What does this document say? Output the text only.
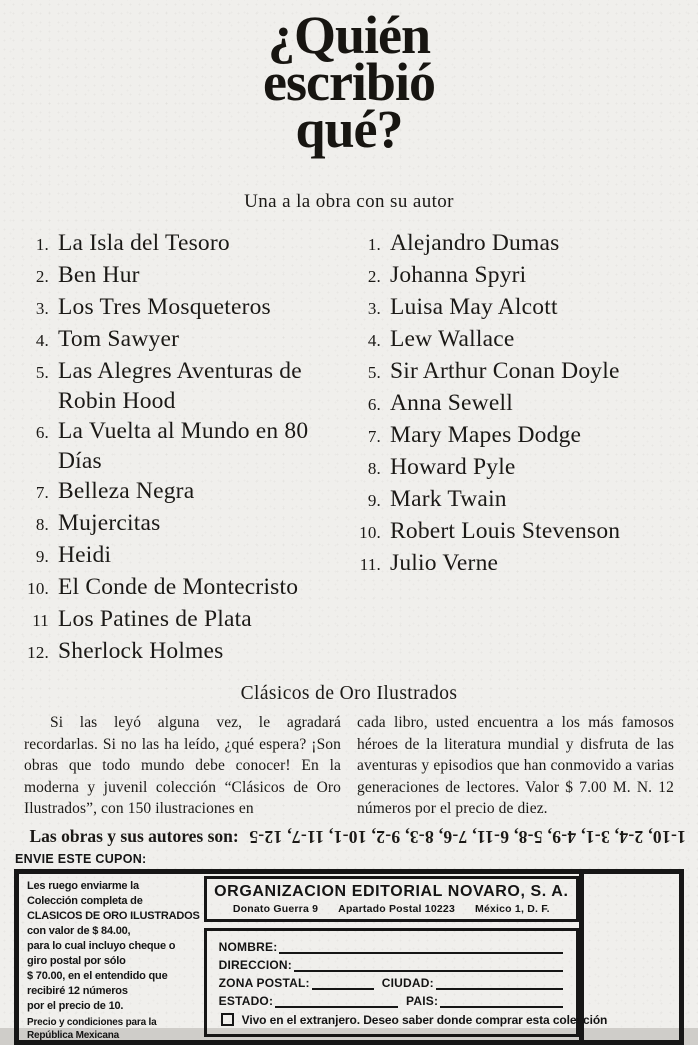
¿Quién
escribió
qué?

Una a la obra con su autor

1. La Isla del Tesoro
2. Ben Hur
3. Los Tres Mosqueteros
4. Tom Sawyer
5. Las Alegres Aventuras de Robin Hood
6. La Vuelta al Mundo en 80 Días
7. Belleza Negra
8. Mujercitas
9. Heidi
10. El Conde de Montecristo
11 Los Patines de Plata
12. Sherlock Holmes
1. Alejandro Dumas
2. Johanna Spyri
3. Luisa May Alcott
4. Lew Wallace
5. Sir Arthur Conan Doyle
6. Anna Sewell
7. Mary Mapes Dodge
8. Howard Pyle
9. Mark Twain
10. Robert Louis Stevenson
11. Julio Verne
Clásicos de Oro Ilustrados

Si las leyó alguna vez, le agradará recordarlas. Si no las ha leído, ¿qué espera? ¡Son obras que todo mundo debe conocer! En la moderna y juvenil colección “Clásicos de Oro Ilustrados”, con 150 ilustraciones en

cada libro, usted encuentra a los más famosos héroes de la literatura mundial y disfruta de las aventuras y episodios que han conmovido a varias generaciones de lectores. Valor $ 7.00 M. N. 12 números por el precio de diez.

Las obras y sus autores son:
1-10, 2-4, 3-1, 4-9, 5-8, 6-11, 7-6, 8-3, 9-2, 10-1, 11-7, 12-5
ENVIE ESTE CUPON:
Les ruego enviarme la
Colección completa de
CLASICOS DE ORO ILUSTRADOS
con valor de $ 84.00,
para lo cual incluyo cheque o
giro postal por sólo
$ 70.00, en el entendido que
recibiré 12 números
por el precio de 10.
Precio y condiciones para la
República Mexicana
ORGANIZACION EDITORIAL NOVARO, S. A.
Donato Guerra 9 Apartado Postal 10223 México 1, D. F.
NOMBRE:
DIRECCION:
ZONA POSTAL:	CIUDAD:
ESTADO:	PAIS:
Vivo en el extranjero. Deseo saber donde comprar esta colección
